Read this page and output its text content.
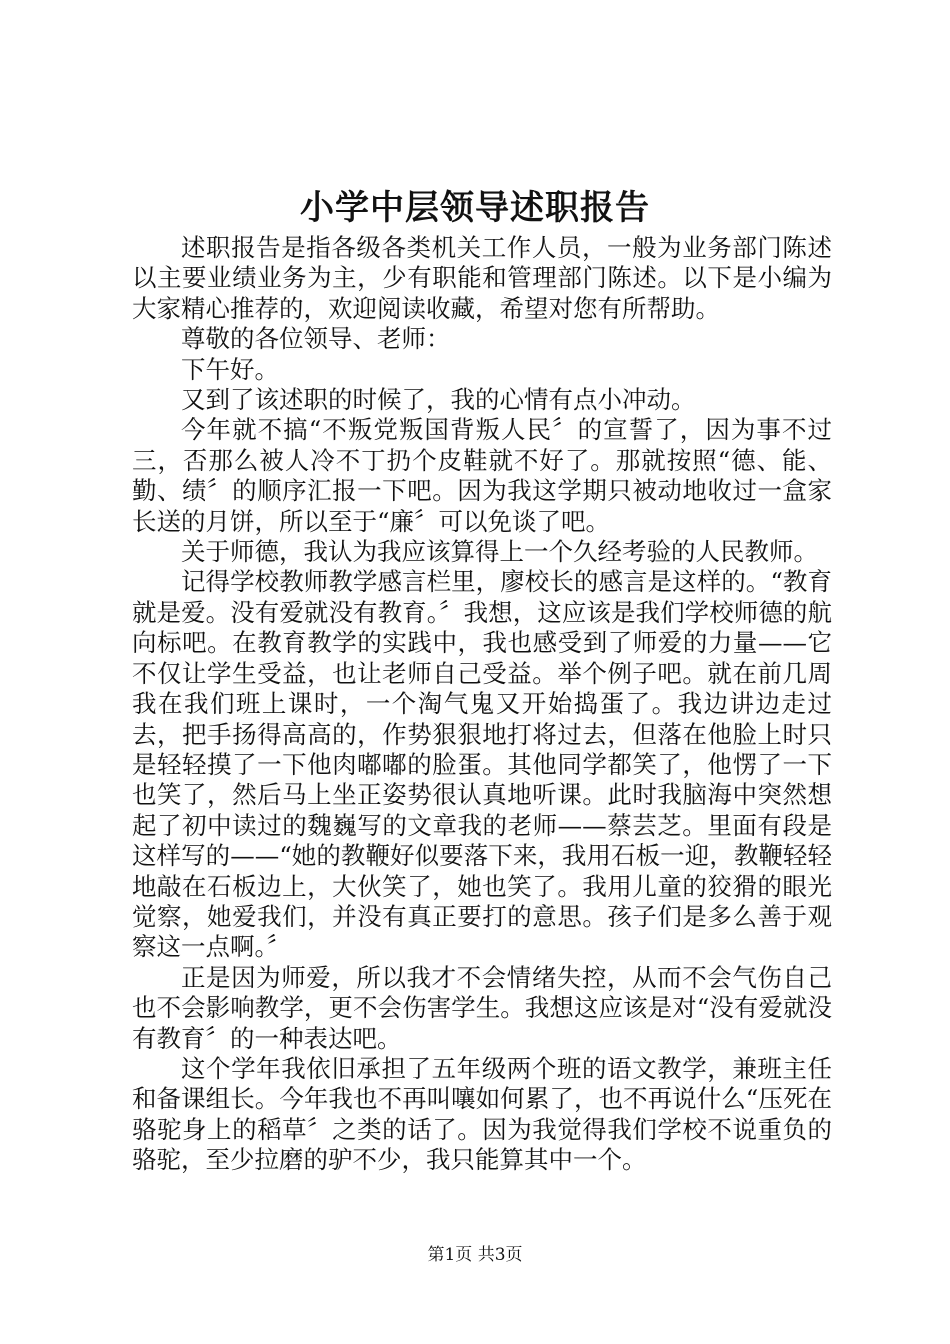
小学中层领导述职报告

述职报告是指各级各类机关工作人员，一般为业务部门陈述以主要业绩业务为主，少有职能和管理部门陈述。以下是小编为大家精心推荐的，欢迎阅读收藏，希望对您有所帮助。

尊敬的各位领导、老师：

下午好。

又到了该述职的时候了，我的心情有点小冲动。

今年就不搞“不叛党叛国背叛人民〞的宣誓了，因为事不过三，否那么被人冷不丁扔个皮鞋就不好了。那就按照“德、能、勤、绩〞的顺序汇报一下吧。因为我这学期只被动地收过一盒家长送的月饼，所以至于“廉〞可以免谈了吧。

关于师德，我认为我应该算得上一个久经考验的人民教师。

记得学校教师教学感言栏里，廖校长的感言是这样的。“教育就是爱。没有爱就没有教育。〞我想，这应该是我们学校师德的航向标吧。在教育教学的实践中，我也感受到了师爱的力量——它不仅让学生受益，也让老师自己受益。举个例子吧。就在前几周我在我们班上课时，一个淘气鬼又开始捣蛋了。我边讲边走过去，把手扬得高高的，作势狠狠地打将过去，但落在他脸上时只是轻轻摸了一下他肉嘟嘟的脸蛋。其他同学都笑了，他愣了一下也笑了，然后马上坐正姿势很认真地听课。此时我脑海中突然想起了初中读过的魏巍写的文章我的老师——蔡芸芝。里面有段是这样写的——“她的教鞭好似要落下来，我用石板一迎，教鞭轻轻地敲在石板边上，大伙笑了，她也笑了。我用儿童的狡猾的眼光觉察，她爱我们，并没有真正要打的意思。孩子们是多么善于观察这一点啊。〞

正是因为师爱，所以我才不会情绪失控，从而不会气伤自己也不会影响教学，更不会伤害学生。我想这应该是对“没有爱就没有教育〞的一种表达吧。

这个学年我依旧承担了五年级两个班的语文教学，兼班主任和备课组长。今年我也不再叫嚷如何累了，也不再说什么“压死在骆驼身上的稻草〞之类的话了。因为我觉得我们学校不说重负的骆驼，至少拉磨的驴不少，我只能算其中一个。

第1页 共3页
